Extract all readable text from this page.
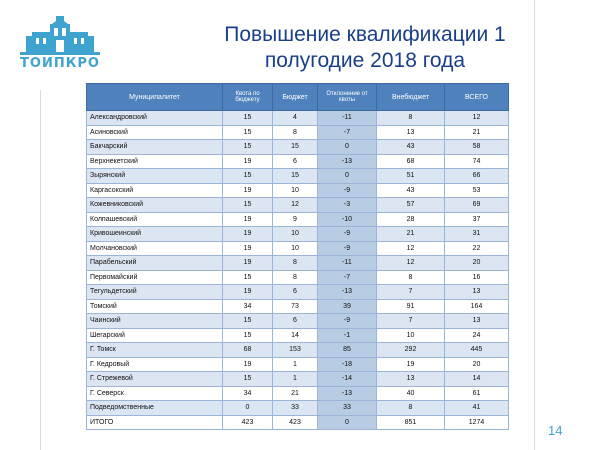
ТОИПКРО
Повышение квалификации 1
полугодие 2018 года
Муниципалитет	Квота по бюджету	Бюджет	Отклонение от квоты	Внебюджет	ВСЕГО
Александровский	15	4	-11	8	12
Асиновский	15	8	-7	13	21
Бакчарский	15	15	0	43	58
Верхнекетский	19	6	-13	68	74
Зырянский	15	15	0	51	66
Каргасокский	19	10	-9	43	53
Кожевниковский	15	12	-3	57	69
Колпашевский	19	9	-10	28	37
Кривошеинский	19	10	-9	21	31
Молчановский	19	10	-9	12	22
Парабельский	19	8	-11	12	20
Первомайский	15	8	-7	8	16
Тегульдетский	19	6	-13	7	13
Томский	34	73	39	91	164
Чаинский	15	6	-9	7	13
Шегарский	15	14	-1	10	24
Г. Томск	68	153	85	292	445
Г. Кедровый	19	1	-18	19	20
Г. Стрежевой	15	1	-14	13	14
Г. Северск	34	21	-13	40	61
Подведомственные	0	33	33	8	41
ИТОГО	423	423	0	851	1274
14
